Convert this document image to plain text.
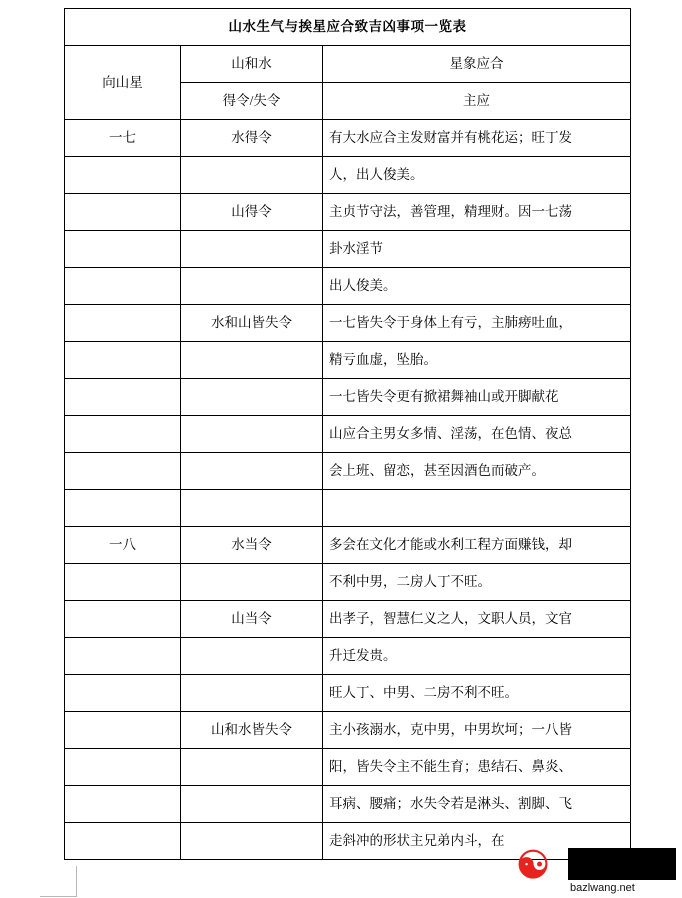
山水生气与挨星应合致吉凶事项一览表		
向山星	山和水	星象应合
	得令/失令	主应
一七	水得令	有大水应合主发财富并有桃花运；旺丁发
		人，出人俊美。
	山得令	主贞节守法，善管理，精理财。因一七荡
		卦水淫节
		出人俊美。
	水和山皆失令	一七皆失令于身体上有亏，主肺痨吐血，
		精亏血虚，坠胎。
		一七皆失令更有掀裙舞袖山或开脚献花
		山应合主男女多情、淫荡，在色情、夜总
		会上班、留恋，甚至因酒色而破产。

一八	水当令	多会在文化才能或水利工程方面赚钱，却
		不利中男，二房人丁不旺。
	山当令	出孝子，智慧仁义之人，文职人员，文官
		升迁发贵。
		旺人丁、中男、二房不利不旺。
	山和水皆失令	主小孩溺水，克中男，中男坎坷；一八皆
		阳，皆失令主不能生育；患结石、鼻炎、
		耳病、腰痛；水失令若是淋头、割脚、飞
		走斜冲的形状主兄弟内斗，在
☯
bazlwang.net
